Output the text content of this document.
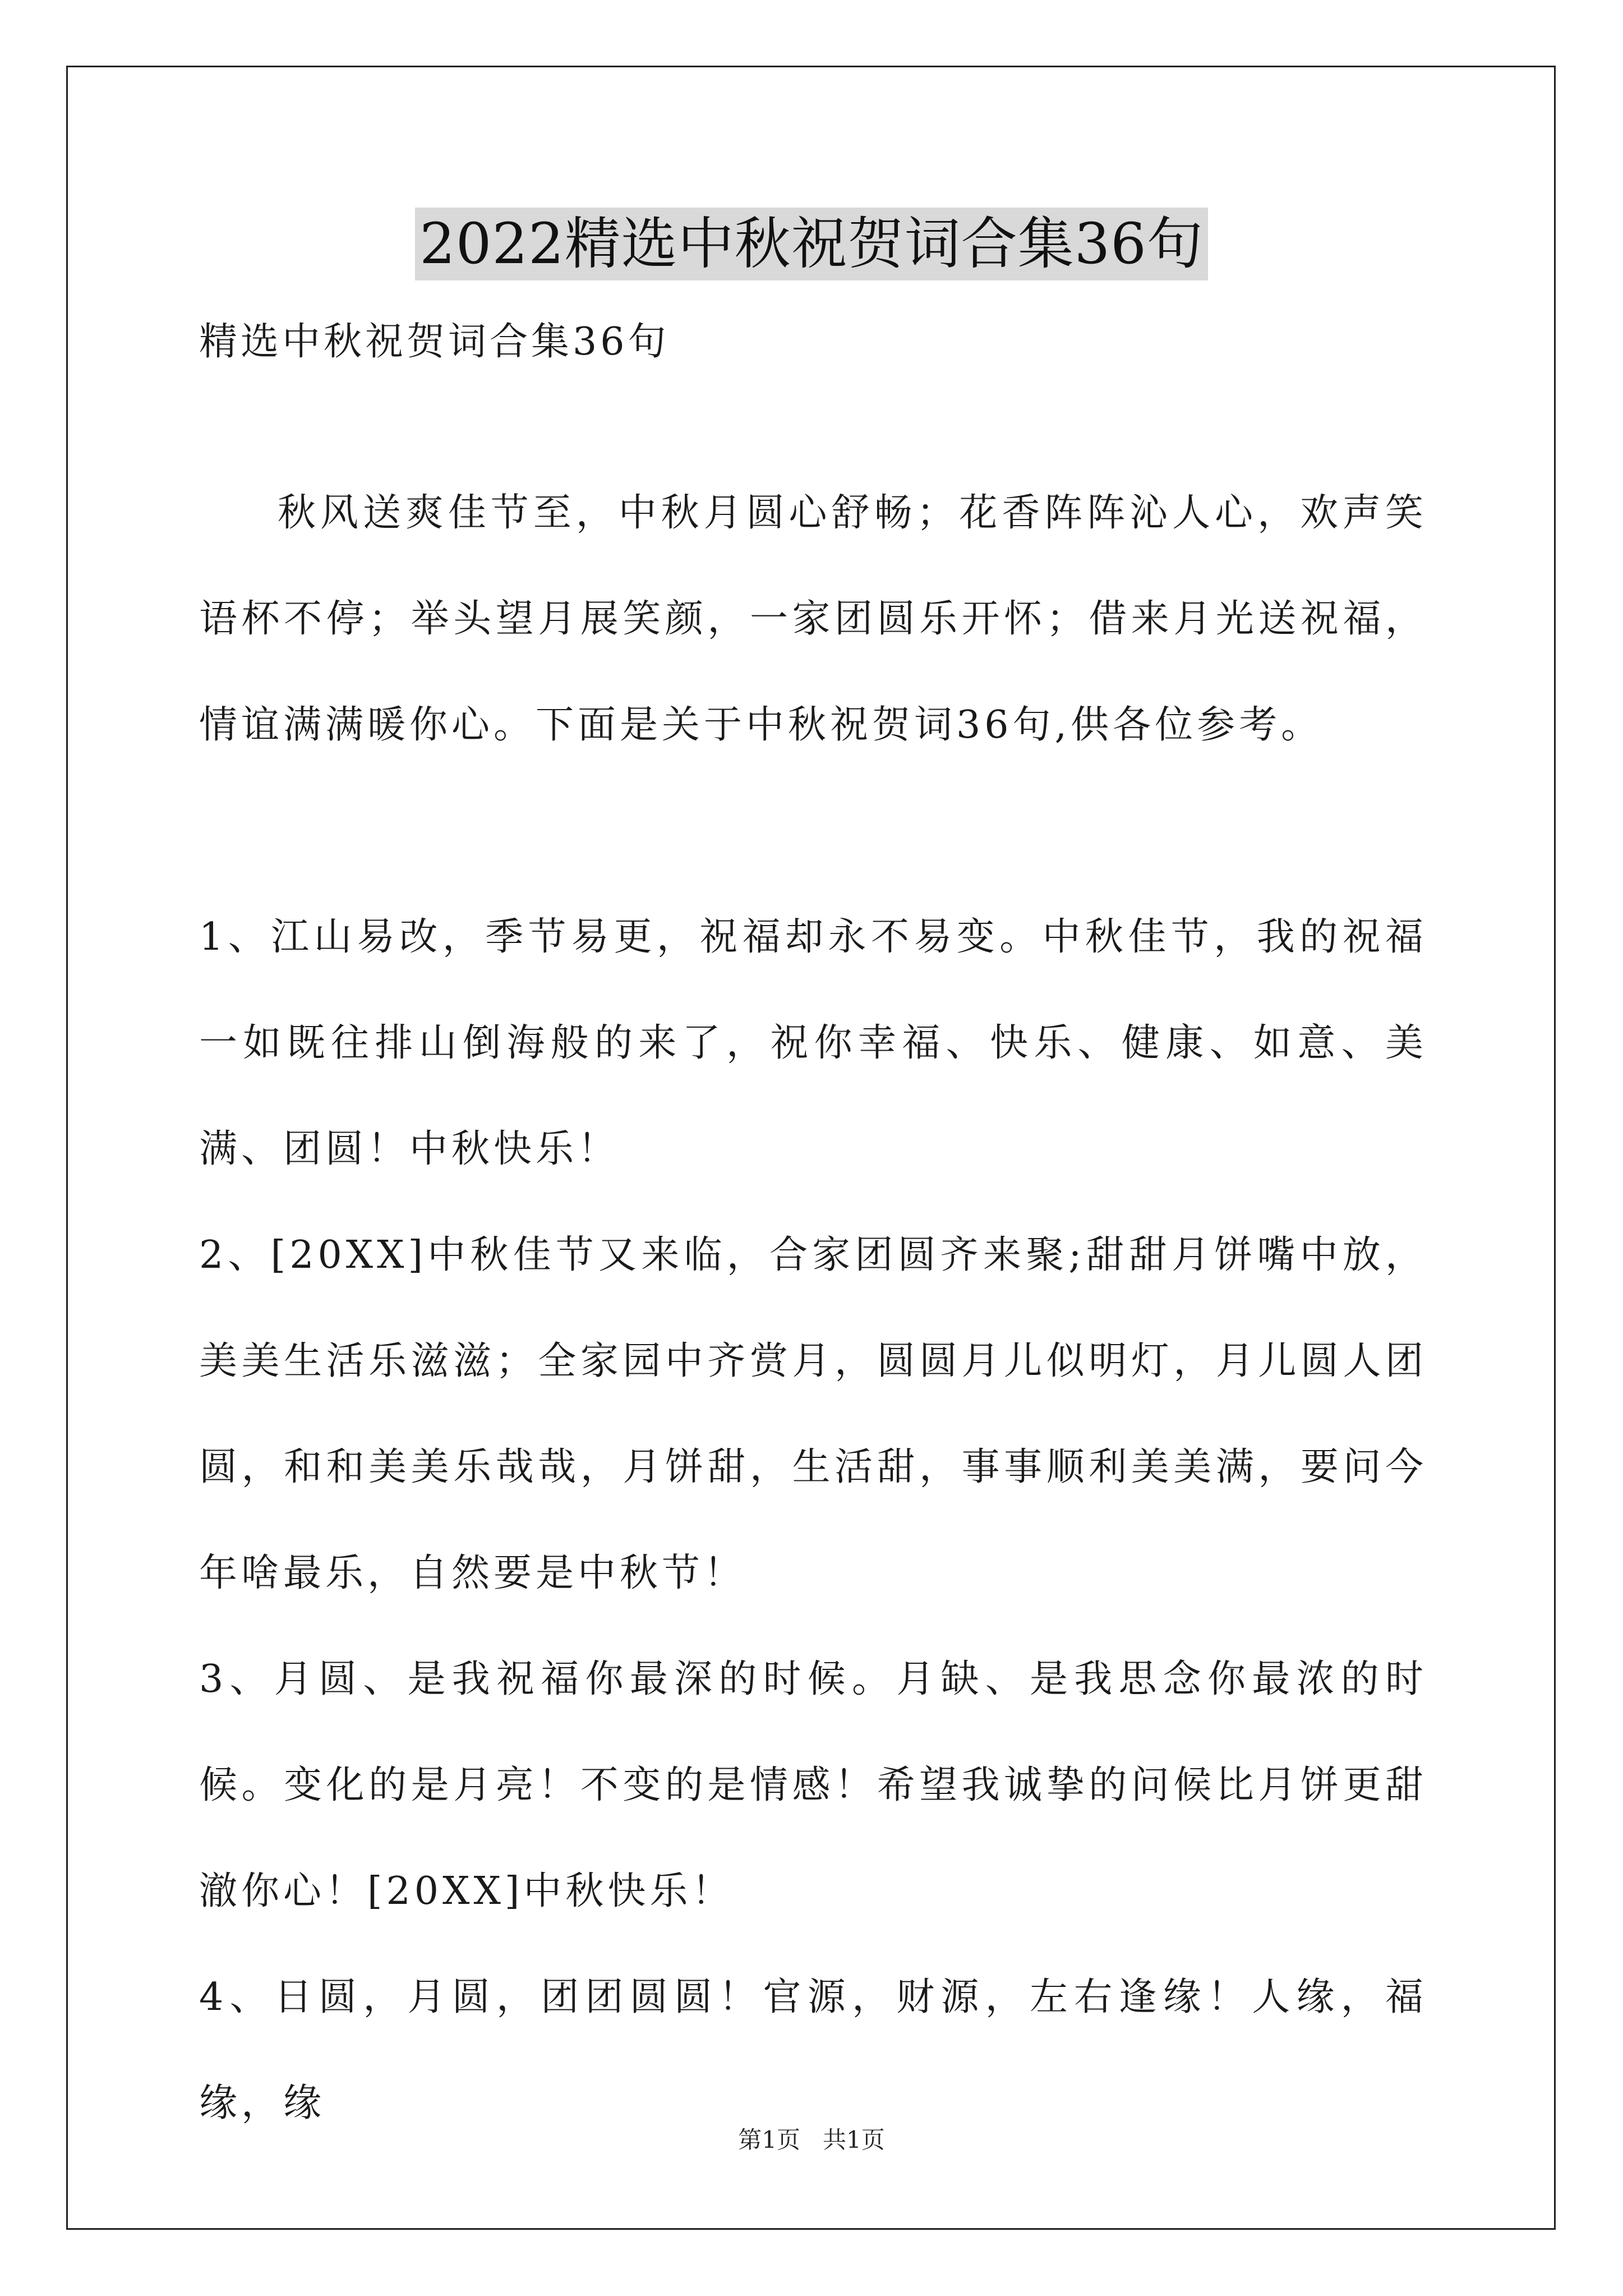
2022精选中秋祝贺词合集36句
精选中秋祝贺词合集36句

秋风送爽佳节至，中秋月圆心舒畅；花香阵阵沁人心，欢声笑语杯不停；举头望月展笑颜，一家团圆乐开怀；借来月光送祝福，情谊满满暖你心。下面是关于中秋祝贺词36句,供各位参考。

1、江山易改，季节易更，祝福却永不易变。中秋佳节，我的祝福一如既往排山倒海般的来了，祝你幸福、快乐、健康、如意、美满、团圆！中秋快乐！

2、[20XX]中秋佳节又来临，合家团圆齐来聚;甜甜月饼嘴中放，美美生活乐滋滋；全家园中齐赏月，圆圆月儿似明灯，月儿圆人团圆，和和美美乐哉哉，月饼甜，生活甜，事事顺利美美满，要问今年啥最乐，自然要是中秋节！

3、月圆、是我祝福你最深的时候。月缺、是我思念你最浓的时候。变化的是月亮！不变的是情感！希望我诚挚的问候比月饼更甜澈你心！[20XX]中秋快乐！

4、日圆，月圆，团团圆圆！官源，财源，左右逢缘！人缘，福缘，缘

第1页   共1页
